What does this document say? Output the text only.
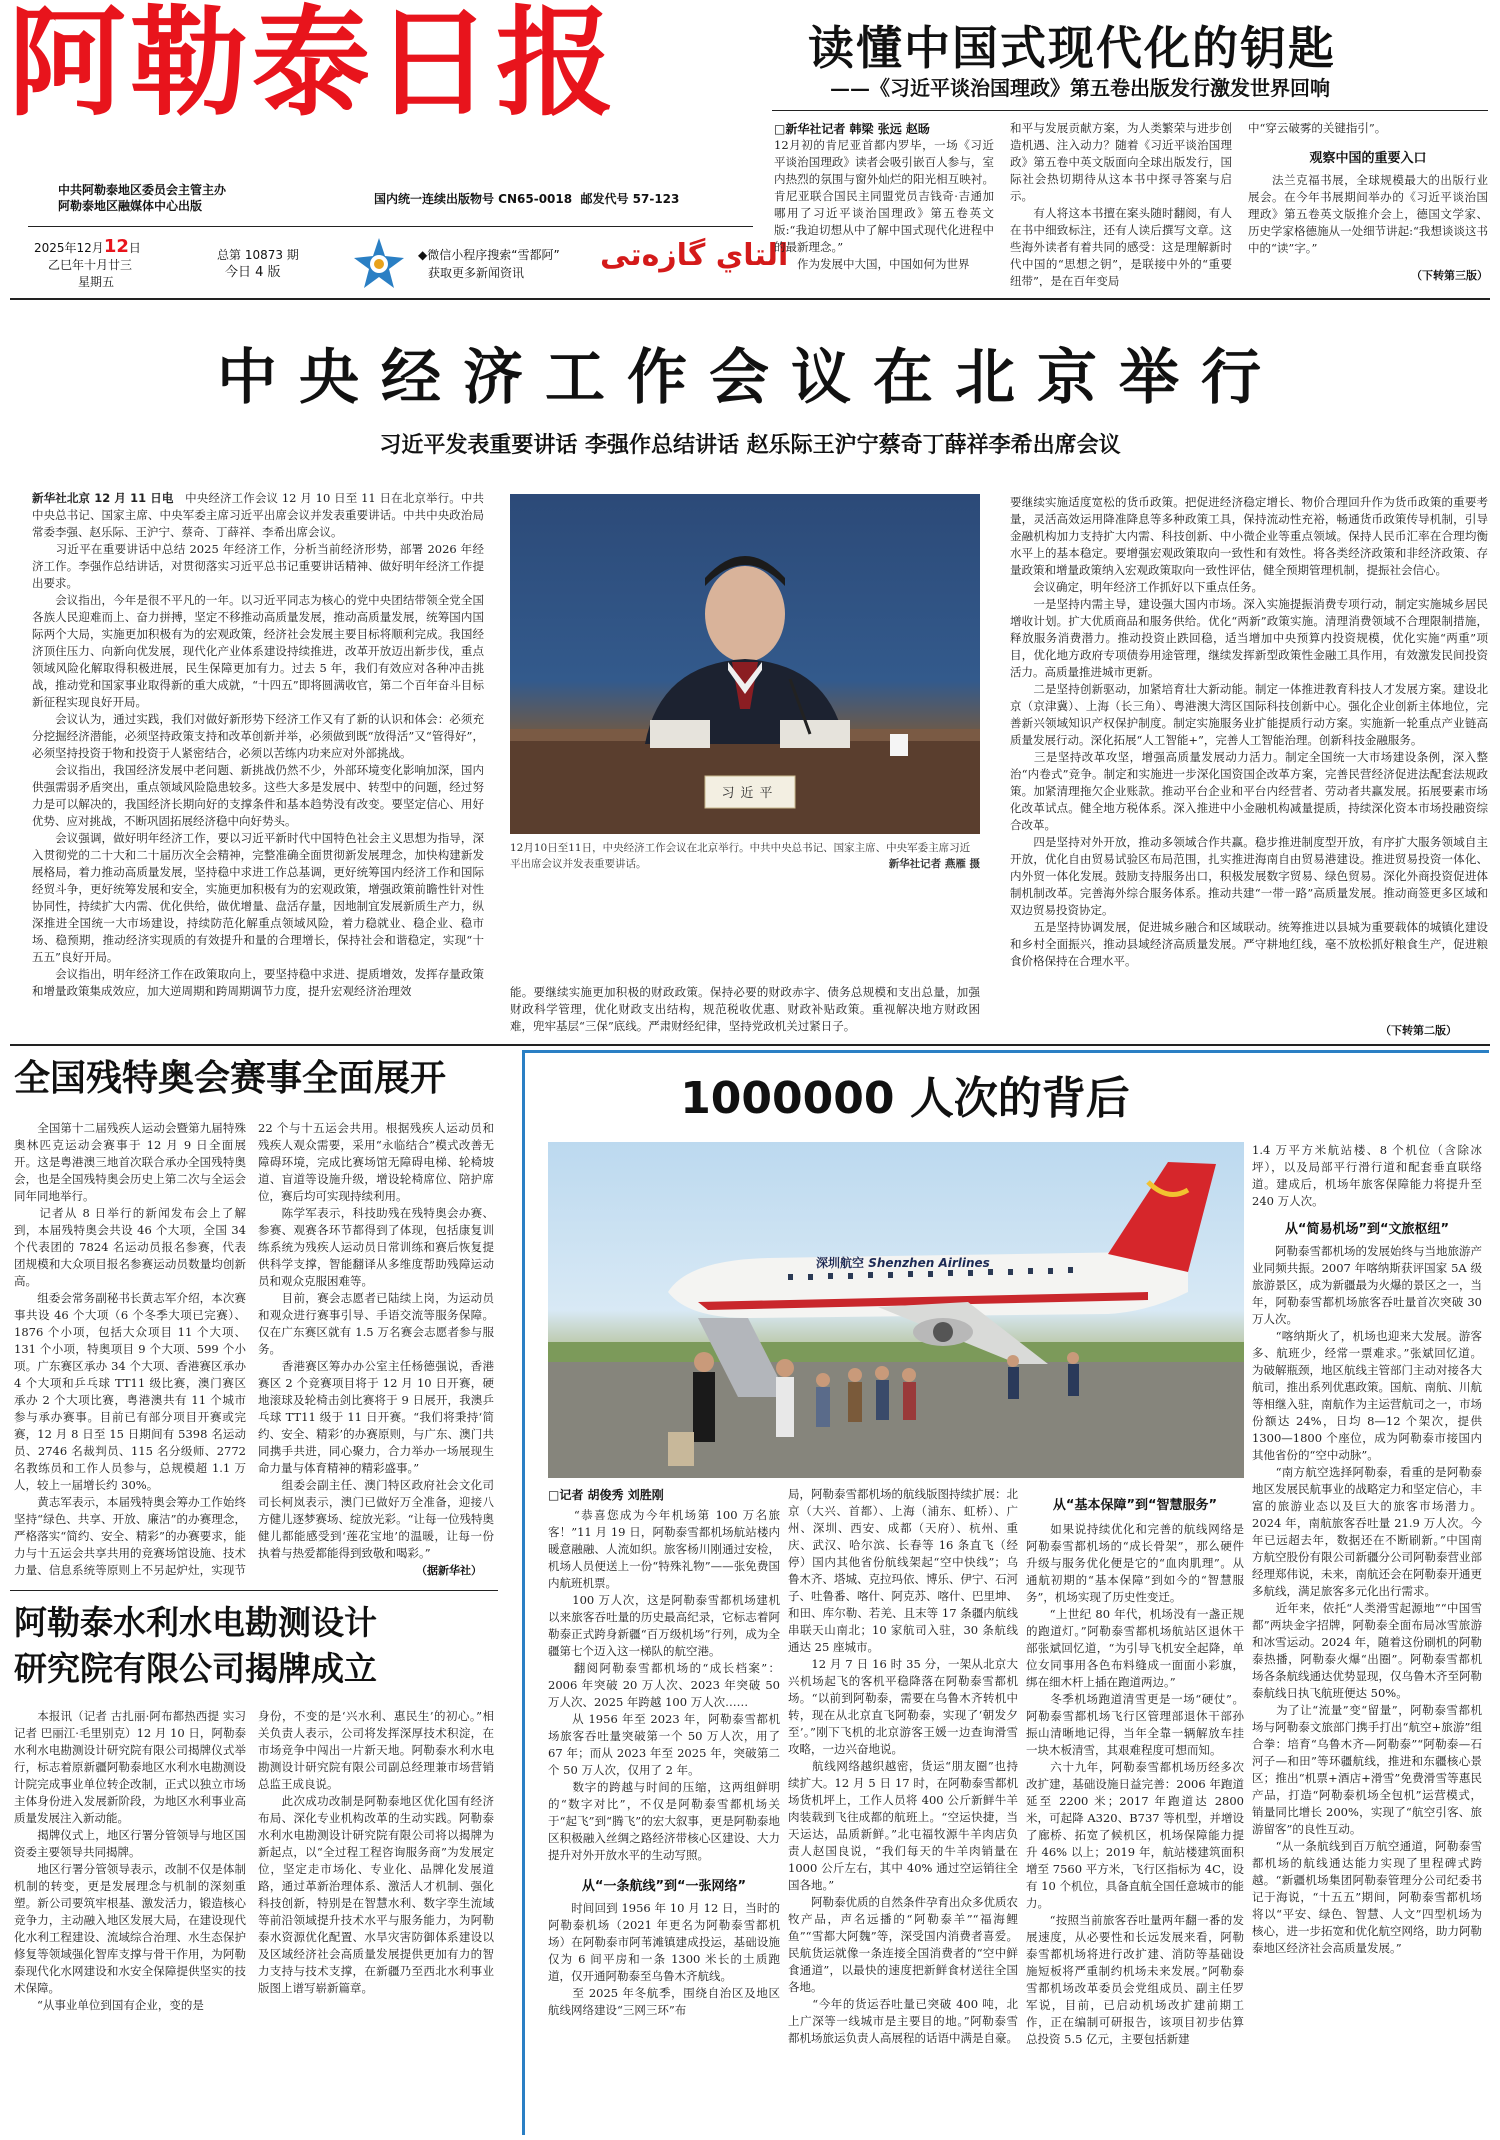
阿勒泰日报
中共阿勒泰地区委员会主管主办
阿勒泰地区融媒体中心出版	国内统一连续出版物号 CN65-0018  邮发代号 57-123
2025年12月12日
乙巳年十月廿三
星期五
总第 10873 期
今日 4 版
◆微信小程序搜索“雪都阿”
获取更多新闻资讯	التاي گازەتى
读懂中国式现代化的钥匙
——《习近平谈治国理政》第五卷出版发行激发世界回响
□新华社记者 韩梁 张远 赵旸
12月初的肯尼亚首都内罗毕，一场《习近平谈治国理政》读者会吸引嵌百人参与，室内热烈的氛围与窗外灿烂的阳光相互映衬。肯尼亚联合国民主同盟党员吉钱奇·吉通加哪用了习近平谈治国理政》第五卷英文版:“我迫切想从中了解中国式现代化进程中的最新理念。”
　　作为发展中大国，中国如何为世界
和平与发展贡献方案，为人类繁荣与进步创造机遇、注入动力？随着《习近平谈治国理政》第五卷中英文版面向全球出版发行，国际社会热切期待从这本书中探寻答案与启示。
　　有人将这本书擅在案头随时翻阅，有人在书中细致标注，还有人读后撰写文章。这些海外读者有着共同的感受：这是理解新时代中国的“思想之钥”，是联接中外的“重要纽带”，是在百年变局
中“穿云破雾的关键指引”。
观察中国的重要入口
　　法兰克福书展，全球规模最大的出版行业展会。在今年书展期间举办的《习近平谈治国理政》第五卷英文版推介会上，德国文学家、历史学家格德施从一处细节讲起:“我想谈谈这书中的“读”字。”
（下转第三版）
中央经济工作会议在北京举行
习近平发表重要讲话 李强作总结讲话 赵乐际王沪宁蔡奇丁薛祥李希出席会议
新华社北京 12 月 11 日电　 中央经济工作会议 12 月 10 日至 11 日在北京举行。中共中央总书记、国家主席、中央军委主席习近平出席会议并发表重要讲话。中共中央政治局常委李强、赵乐际、王沪宁、蔡奇、丁薛祥、李希出席会议。
　　习近平在重要讲话中总结 2025 年经济工作，分析当前经济形势，部署 2026 年经济工作。李强作总结讲话，对贯彻落实习近平总书记重要讲话精神、做好明年经济工作提出要求。
　　会议指出，今年是很不平凡的一年。以习近平同志为核心的党中央团结带领全党全国各族人民迎难而上、奋力拼搏，坚定不移推动高质量发展，推动高质量发展，统筹国内国际两个大局，实施更加积极有为的宏观政策，经济社会发展主要目标将顺利完成。我国经济顶住压力、向新向优发展，现代化产业体系建设持续推进，改革开放迈出新步伐，重点领域风险化解取得积极进展，民生保障更加有力。过去 5 年，我们有效应对各种冲击挑战，推动党和国家事业取得新的重大成就，“十四五”即将圆满收官，第二个百年奋斗目标新征程实现良好开局。
　　会议认为，通过实践，我们对做好新形势下经济工作又有了新的认识和体会：必须充分挖掘经济潜能，必须坚持政策支持和改革创新并举，必须做到既“放得活”又“管得好”，必须坚持投资于物和投资于人紧密结合，必须以苦练内功来应对外部挑战。
　　会议指出，我国经济发展中老问题、新挑战仍然不少，外部环境变化影响加深，国内供强需弱矛盾突出，重点领域风险隐患较多。这些大多是发展中、转型中的问题，经过努力是可以解决的，我国经济长期向好的支撑条件和基本趋势没有改变。要坚定信心、用好优势、应对挑战，不断巩固拓展经济稳中向好势头。
　　会议强调，做好明年经济工作，要以习近平新时代中国特色社会主义思想为指导，深入贯彻党的二十大和二十届历次全会精神，完整准确全面贯彻新发展理念，加快构建新发展格局，着力推动高质量发展，坚持稳中求进工作总基调，更好统筹国内经济工作和国际经贸斗争，更好统筹发展和安全，实施更加积极有为的宏观政策，增强政策前瞻性针对性协同性，持续扩大内需、优化供给，做优增量、盘活存量，因地制宜发展新质生产力，纵深推进全国统一大市场建设，持续防范化解重点领域风险，着力稳就业、稳企业、稳市场、稳预期，推动经济实现质的有效提升和量的合理增长，保持社会和谐稳定，实现“十五五”良好开局。
　　会议指出，明年经济工作在政策取向上，要坚持稳中求进、提质增效，发挥存量政策和增量政策集成效应，加大逆周期和跨周期调节力度，提升宏观经济治理效
习近平
12月10日至11日，中央经济工作会议在北京举行。中共中央总书记、国家主席、中央军委主席习近平出席会议并发表重要讲话。	新华社记者 燕雁 摄
能。要继续实施更加积极的财政政策。保持必要的财政赤字、债务总规模和支出总量，加强财政科学管理，优化财政支出结构，规范税收优惠、财政补贴政策。重视解决地方财政困难，兜牢基层“三保”底线。严肃财经纪律，坚持党政机关过紧日子。
要继续实施适度宽松的货币政策。把促进经济稳定增长、物价合理回升作为货币政策的重要考量，灵活高效运用降准降息等多种政策工具，保持流动性充裕，畅通货币政策传导机制，引导金融机构加力支持扩大内需、科技创新、中小微企业等重点领域。保持人民币汇率在合理均衡水平上的基本稳定。要增强宏观政策取向一致性和有效性。将各类经济政策和非经济政策、存量政策和增量政策纳入宏观政策取向一致性评估，健全预期管理机制，提振社会信心。
　　会议确定，明年经济工作抓好以下重点任务。
　　一是坚持内需主导，建设强大国内市场。深入实施提振消费专项行动，制定实施城乡居民增收计划。扩大优质商品和服务供给。优化“两新”政策实施。清理消费领域不合理限制措施，释放服务消费潜力。推动投资止跌回稳，适当增加中央预算内投资规模，优化实施“两重”项目，优化地方政府专项债券用途管理，继续发挥新型政策性金融工具作用，有效激发民间投资活力。高质量推进城市更新。
　　二是坚持创新驱动，加紧培育壮大新动能。制定一体推进教育科技人才发展方案。建设北京（京津冀）、上海（长三角）、粤港澳大湾区国际科技创新中心。强化企业创新主体地位，完善新兴领域知识产权保护制度。制定实施服务业扩能提质行动方案。实施新一轮重点产业链高质量发展行动。深化拓展“人工智能+”，完善人工智能治理。创新科技金融服务。
　　三是坚持改革攻坚，增强高质量发展动力活力。制定全国统一大市场建设条例，深入整治“内卷式”竞争。制定和实施进一步深化国资国企改革方案，完善民营经济促进法配套法规政策。加紧清理拖欠企业账款。推动平台企业和平台内经营者、劳动者共赢发展。拓展要素市场化改革试点。健全地方税体系。深入推进中小金融机构减量提质，持续深化资本市场投融资综合改革。
　　四是坚持对外开放，推动多领域合作共赢。稳步推进制度型开放，有序扩大服务领域自主开放，优化自由贸易试验区布局范围，扎实推进海南自由贸易港建设。推进贸易投资一体化、内外贸一体化发展。鼓励支持服务出口，积极发展数字贸易、绿色贸易。深化外商投资促进体制机制改革。完善海外综合服务体系。推动共建“一带一路”高质量发展。推动商签更多区域和双边贸易投资协定。
　　五是坚持协调发展，促进城乡融合和区域联动。统筹推进以县城为重要载体的城镇化建设和乡村全面振兴，推动县域经济高质量发展。严守耕地红线，毫不放松抓好粮食生产，促进粮食价格保持在合理水平。
（下转第二版）
全国残特奥会赛事全面展开
　　全国第十二届残疾人运动会暨第九届特殊奥林匹克运动会赛事于 12 月 9 日全面展开。这是粤港澳三地首次联合承办全国残特奥会，也是全国残特奥会历史上第二次与全运会同年同地举行。
　　记者从 8 日举行的新闻发布会上了解到，本届残特奥会共设 46 个大项，全国 34 个代表团的 7824 名运动员报名参赛，代表团规模和大众项目报名参赛运动员数量均创新高。
　　组委会常务副秘书长黄志军介绍，本次赛事共设 46 个大项（6 个冬季大项已完赛）、1876 个小项，包括大众项目 11 个大项、131 个小项，特奥项目 9 个大项、599 个小项。广东赛区承办 34 个大项、香港赛区承办 4 个大项和乒乓球 TT11 级比赛，澳门赛区承办 2 个大项比赛，粤港澳共有 11 个城市参与承办赛事。目前已有部分项目开赛或完赛，12 月 8 日至 15 日期间有 5398 名运动员、2746 名裁判员、115 名分级师、2772 名教练员和工作人员参与，总规模超 1.1 万人，较上一届增长约 30%。
　　黄志军表示，本届残特奥会筹办工作始终坚持“绿色、共享、开放、廉洁”的办赛理念，严格落实“简约、安全、精彩”的办赛要求，能力与十五运会共享共用的竞赛场馆设施、技术力量、信息系统等原则上不另起炉灶，实现节

22 个与十五运会共用。根据残疾人运动员和残疾人观众需要，采用“永临结合”模式改善无障碍环境，完成比赛场馆无障碍电梯、轮椅坡道、盲道等设施升级，增设轮椅席位、陪护席位，赛后均可实现持续利用。
　　陈学军表示，科技助残在残特奥会办赛、参赛、观赛各环节都得到了体现，包括康复训练系统为残疾人运动员日常训练和赛后恢复提供科学支撑，智能翻译从多维度帮助残障运动员和观众克服困难等。
　　目前，赛会志愿者已陆续上岗，为运动员和观众进行赛事引导、手语交流等服务保障。仅在广东赛区就有 1.5 万名赛会志愿者参与服务。
　　香港赛区筹办办公室主任杨德强说，香港赛区 2 个竞赛项目将于 12 月 10 日开赛，硬地滚球及轮椅击剑比赛将于 9 日展开，我澳乒乓球 TT11 级于 11 日开赛。“我们将秉持‘简约、安全、精彩’的办赛原则，与广东、澳门共同携手共进，同心聚力，合力举办一场展现生命力量与体育精神的精彩盛事。”
　　组委会副主任、澳门特区政府社会文化司司长柯岚表示，澳门已做好万全准备，迎接八方健儿逐梦赛场、绽放光彩。“让每一位残特奥健儿都能感受到‘莲花宝地’的温暖，让每一份执着与热爱都能得到致敬和喝彩。”
（据新华社）
阿勒泰水利水电勘测设计
研究院有限公司揭牌成立
　　本报讯（记者 古扎丽·阿布都热西提 实习记者 巴丽江·毛里别克）12 月 10 日，阿勒泰水利水电勘测设计研究院有限公司揭牌仪式举行，标志着原新疆阿勒泰地区水利水电勘测设计院完成事业单位转企改制，正式以独立市场主体身份进入发展新阶段，为地区水利事业高质量发展注入新动能。
　　揭牌仪式上，地区行署分管领导与地区国资委主要领导共同揭牌。
　　地区行署分管领导表示，改制不仅是体制机制的转变，更是发展理念与机制的深刻重塑。新公司要筑牢根基、激发活力，锻造核心竞争力，主动融入地区发展大局，在建设现代化水利工程建设、流域综合治理、水生态保护修复等领域强化智库支撑与骨干作用，为阿勒泰现代化水网建设和水安全保障提供坚实的技术保障。
　　“从事业单位到国有企业，变的是
身份，不变的是‘兴水利、惠民生’的初心。”相关负责人表示，公司将发挥深厚技术积淀，在市场竞争中闯出一片新天地。阿勒泰水利水电勘测设计研究院有限公司副总经理兼市场营销总监王成良说。
　　此次成功改制是阿勒泰地区优化国有经济布局、深化专业机构改革的生动实践。阿勒泰水利水电勘测设计研究院有限公司将以揭牌为新起点，以“全过程工程咨询服务商”为发展定位，坚定走市场化、专业化、品牌化发展道路，通过革新治理体系、激活人才机制、强化科技创新，特别是在智慧水利、数字孪生流域等前沿领域提升技术水平与服务能力，为阿勒泰水资源优化配置、水旱灾害防御体系建设以及区域经济社会高质量发展提供更加有力的智力支持与技术支撑，在新疆乃至西北水利事业版图上谱写崭新篇章。
1000000 人次的背后
深圳航空 Shenzhen Airlines
□记者 胡俊秀 刘胜刚
　　“恭喜您成为今年机场第 100 万名旅客！”11 月 19 日，阿勒泰雪都机场航站楼内暖意融融、人流如织。旅客杨川刚通过安检，机场人员便送上一份“特殊礼物”——张免费国内航班机票。
　　100 万人次，这是阿勒泰雪都机场建机以来旅客吞吐量的历史最高纪录，它标志着阿勒泰正式跨身新疆“百万级机场”行列，成为全疆第七个迈入这一梯队的航空港。
　　翻阅阿勒泰雪都机场的“成长档案”：2006 年突破 20 万人次、2023 年突破 50 万人次、2025 年跨越 100 万人次……
　　从 1956 年至 2023 年，阿勒泰雪都机场旅客吞吐量突破第一个 50 万人次，用了 67 年；而从 2023 年至 2025 年，突破第二个 50 万人次，仅用了 2 年。
　　数字的跨越与时间的压缩，这两组鲜明的“数字对比”，不仅是阿勒泰雪都机场关于“起飞”到“腾飞”的宏大叙事，更是阿勒泰地区积极融入丝绸之路经济带核心区建设、大力提升对外开放水平的生动写照。
从“一条航线”到“一张网络”
　　时间回到 1956 年 10 月 12 日，当时的阿勒泰机场（2021 年更名为阿勒泰雪都机场）在阿勒泰市阿苇滩镇建成投运，基础设施仅为 6 间平房和一条 1300 米长的土质跑道，仅开通阿勒泰至乌鲁木齐航线。
　　至 2025 年冬航季，围绕自治区及地区航线网络建设“三网三环”布
局，阿勒泰雪都机场的航线版图持续扩展：北京（大兴、首都）、上海（浦东、虹桥）、广州、深圳、西安、成都（天府）、杭州、重庆、武汉、哈尔滨、长春等 16 条直飞（经停）国内其他省份航线架起“空中快线”；乌鲁木齐、塔城、克拉玛依、博乐、伊宁、石河子、吐鲁番、喀什、阿克苏、喀什、巴里坤、和田、库尔勒、若羌、且末等 17 条疆内航线串联天山南北；10 家航司入驻，30 条航线通达 25 座城市。
　　12 月 7 日 16 时 35 分，一架从北京大兴机场起飞的客机平稳降落在阿勒泰雪都机场。“以前到阿勒泰，需要在乌鲁木齐转机中转，现在从北京直飞阿勒泰，实现了‘朝发夕至’。”刚下飞机的北京游客王媛一边查询滑雪攻略，一边兴奋地说。
　　航线网络越织越密，货运“朋友圈”也持续扩大。12 月 5 日 17 时，在阿勒泰雪都机场货机坪上，工作人员将 400 公斤新鲜牛羊肉装载到飞往成都的航班上。“空运快捷，当天运达，品质新鲜。”北屯福牧源牛羊肉店负责人赵国良说，“我们每天的牛羊肉销量在 1000 公斤左右，其中 40% 通过空运销往全国各地。”
　　阿勒泰优质的自然条件孕育出众多优质农牧产品，声名远播的“阿勒泰羊”“福海鲤鱼”“雪都大阿魏”等，深受国内消费者喜爱。民航货运就像一条连接全国消费者的“空中鲜食通道”，以最快的速度把新鲜食材送往全国各地。
　　“今年的货运吞吐量已突破 400 吨，北上广深等一线城市是主要目的地。”阿勒泰雪都机场旅运负责人高展程的话语中满是自豪。
从“基本保障”到“智慧服务”
　　如果说持续优化和完善的航线网络是阿勒泰雪都机场的“成长骨架”，那么硬件升级与服务优化便是它的“血肉肌理”。从通航初期的“基本保障”到如今的“智慧服务”，机场实现了历史性变迁。
　　“上世纪 80 年代，机场没有一盏正规的跑道灯。”阿勒泰雪都机场航站区退休干部张斌回忆道，“为引导飞机安全起降，单位女同事用各色布料缝成一面面小彩旗，绑在细木杆上插在跑道两边。”
　　冬季机场跑道清雪更是一场“硬仗”。阿勒泰雪都机场飞行区管理部退休干部孙振山清晰地记得，当年全靠一辆解放车挂一块木板清雪，其艰难程度可想而知。
　　六十九年，阿勒泰雪都机场历经多次改扩建，基础设施日益完善：2006 年跑道延至 2200 米；2017 年跑道达 2800 米，可起降 A320、B737 等机型，并增设了廊桥、拓宽了候机区，机场保障能力提升 46% 以上；2019 年，航站楼建筑面积增至 7560 平方米，飞行区指标为 4C，设有 10 个机位，具备直航全国任意城市的能力。
　　“按照当前旅客吞吐量两年翻一番的发展速度，从必要性和长远发展来看，阿勒泰雪都机场将进行改扩建、消防等基础设施短板将严重制约机场未来发展。”阿勒泰雪都机场改革委员会党组成员、副主任罗军说，目前，已启动机场改扩建前期工作，正在编制可研报告，该项目初步估算总投资 5.5 亿元，主要包括新建
1.4 万平方米航站楼、8 个机位（含除冰坪），以及局部平行滑行道和配套垂直联络道。建成后，机场年旅客保障能力将提升至 240 万人次。
从“简易机场”到“文旅枢纽”
　　阿勒泰雪都机场的发展始终与当地旅游产业同频共振。2007 年喀纳斯获评国家 5A 级旅游景区，成为新疆最为火爆的景区之一，当年，阿勒泰雪都机场旅客吞吐量首次突破 30 万人次。
　　“喀纳斯火了，机场也迎来大发展。游客多、航班少，经常一票难求。”张斌回忆道。为破解瓶颈，地区航线主管部门主动对接各大航司，推出系列优惠政策。国航、南航、川航等相继入驻，南航作为主运营航司之一，市场份额达 24%，日均 8—12 个架次，提供 1300—1800 个座位，成为阿勒泰市接国内其他省份的“空中动脉”。
　　“南方航空选择阿勒泰，看重的是阿勒泰地区发展民航事业的战略定力和坚定信心，丰富的旅游业态以及巨大的旅客市场潜力。2024 年，南航旅客吞吐量 21.9 万人次。今年已远超去年，数据还在不断刷新。”中国南方航空股份有限公司新疆分公司阿勒泰营业部经理郑伟说，未来，南航还会在阿勒泰开通更多航线，满足旅客多元化出行需求。
　　近年来，依托“人类滑雪起源地”“中国雪都”两块金字招牌，阿勒泰全面布局冰雪旅游和冰雪运动。2024 年，随着这份刷机的阿勒泰热播，阿勒泰火爆“出圈”。阿勒泰雪都机场各条航线通达优势显现，仅乌鲁木齐至阿勒泰航线日执飞航班便达 50%。
　　为了让“流量”变“留量”，阿勒泰雪都机场与阿勒泰文旅部门携手打出“航空+旅游”组合拳：培育“乌鲁木齐—阿勒泰”“阿勒泰—石河子—和田”等环疆航线，推进和东疆核心景区；推出“机票+酒店+滑雪”免费滑雪等惠民产品，打造“阿勒泰机场全包机”运营模式，销量同比增长 200%，实现了“航空引客、旅游留客”的良性互动。
　　“从一条航线到百万航空通道，阿勒泰雪都机场的航线通达能力实现了里程碑式跨越。“新疆机场集团阿勒泰管理分公司纪委书记于海说，“十五五”期间，阿勒泰雪都机场将以“平安、绿色、智慧、人文”四型机场为核心，进一步拓宽和优化航空网络，助力阿勒泰地区经济社会高质量发展。”
